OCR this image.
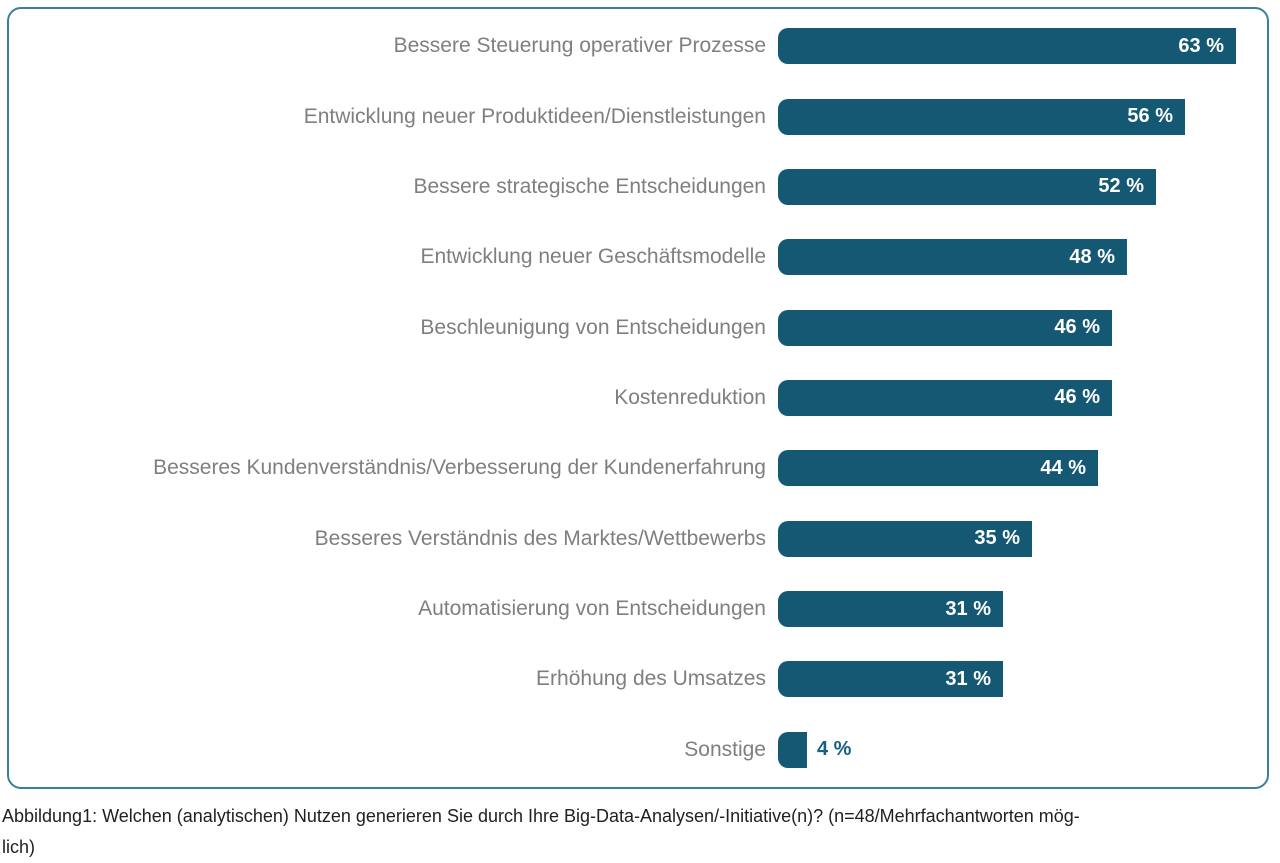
Bessere Steuerung operativer Prozesse	63 %
Entwicklung neuer Produktideen/Dienstleistungen	56 %
Bessere strategische Entscheidungen	52 %
Entwicklung neuer Geschäftsmodelle	48 %
Beschleunigung von Entscheidungen	46 %
Kostenreduktion	46 %
Besseres Kundenverständnis/Verbesserung der Kundenerfahrung	44 %
Besseres Verständnis des Marktes/Wettbewerbs	35 %
Automatisierung von Entscheidungen	31 %
Erhöhung des Umsatzes	31 %
Sonstige	4 %
Abbildung1: Welchen (analytischen) Nutzen generieren Sie durch Ihre Big-Data-Analysen/-Initiative(n)? (n=48/Mehrfachantworten mög-
lich)
